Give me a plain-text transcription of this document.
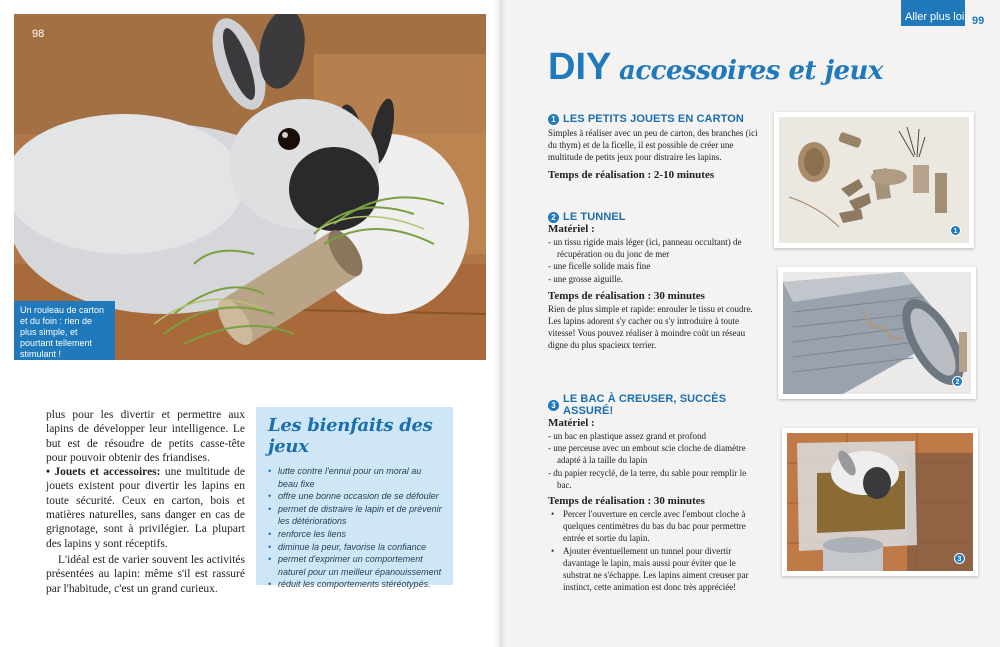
98
Un rouleau de carton et du foin : rien de plus simple, et pourtant tellement stimulant !

plus pour les divertir et permettre aux lapins de développer leur intelligence. Le but est de résoudre de petits casse-tête pour pouvoir obtenir des friandises.

• Jouets et accessoires: une multitude de jouets existent pour divertir les lapins en toute sécurité. Ceux en carton, bois et matières naturelles, sans danger en cas de grignotage, sont à privilégier. La plupart des lapins y sont réceptifs.

L'idéal est de varier souvent les activités présentées au lapin: même s'il est rassuré par l'habitude, c'est un grand curieux.

Les bienfaits des jeux
• lutte contre l'ennui pour un moral au beau fixe
• offre une bonne occasion de se défouler
• permet de distraire le lapin et de prévenir les détériorations
• renforce les liens
• diminue la peur, favorise la confiance
• permet d'exprimer un comportement naturel pour un meilleur épanouissement
• réduit les comportements stéréotypés.
Aller plus loin 99
DIY accessoires et jeux
1 LES PETITS JOUETS EN CARTON
Simples à réaliser avec un peu de carton, des branches (ici du thym) et de la ficelle, il est possible de créer une multitude de petits jeux pour distraire les lapins.
Temps de réalisation : 2-10 minutes
2 LE TUNNEL
Matériel :
- un tissu rigide mais léger (ici, panneau occultant) de récupération ou du jonc de mer
- une ficelle solide mais fine
- une grosse aiguille.
Temps de réalisation : 30 minutes
Rien de plus simple et rapide: enrouler le tissu et coudre.
Les lapins adorent s'y cacher ou s'y introduire à toute vitesse! Vous pouvez réaliser à moindre coût un réseau digne du plus spacieux terrier.
3 LE BAC À CREUSER, SUCCÈS ASSURÉ!
Matériel :
- un bac en plastique assez grand et profond
- une perceuse avec un embout scie cloche de diamètre adapté à la taille du lapin
- du papier recyclé, de la terre, du sable pour remplir le bac.
Temps de réalisation : 30 minutes
• Percer l'ouverture en cercle avec l'embout cloche à quelques centimètres du bas du bac pour permettre entrée et sortie du lapin.
• Ajouter éventuellement un tunnel pour divertir davantage le lapin, mais aussi pour éviter que le substrat ne s'échappe. Les lapins aiment creuser par instinct, cette animation est donc très appréciée!
1
2
3
